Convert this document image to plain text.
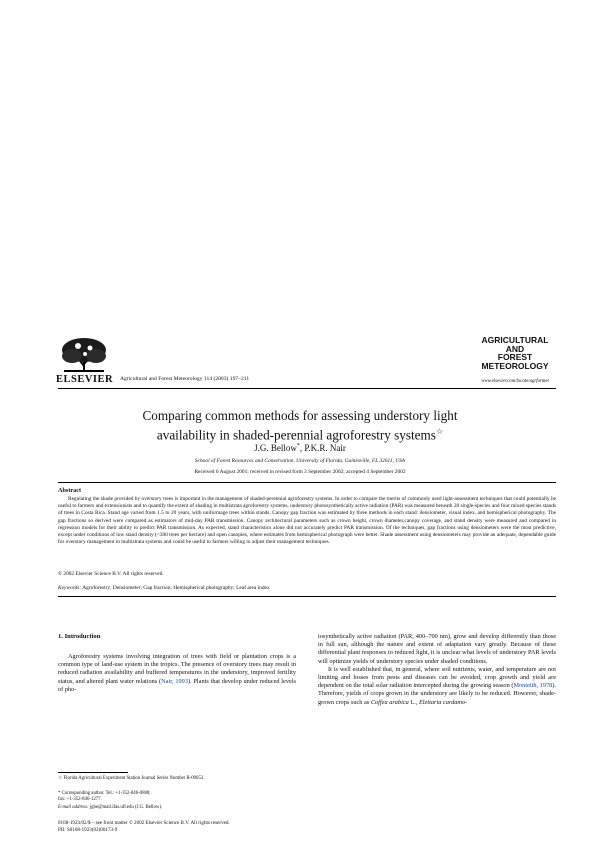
ELSEVIER Agricultural and Forest Meteorology 114 (2003) 197–211
AGRICULTURAL
AND
FOREST
METEOROLOGY
www.elsevier.com/locate/agrformet
Comparing common methods for assessing understory light
availability in shaded-perennial agroforestry systems☆
J.G. Bellow*, P.K.R. Nair
School of Forest Resources and Conservation, University of Florida, Gainesville, FL 32611, USA
Received 6 August 2001; received in revised form 3 September 2002; accepted 4 September 2002
Abstract
Regulating the shade provided by overstory trees is important in the management of shaded-perennial agroforestry systems. In order to compare the merits of commonly used light-assessment techniques that could potentially be useful to farmers and extensionists and to quantify the extent of shading in multistrata agroforestry systems, understory photosynthetically active radiation (PAR) was measured beneath 28 single-species and four mixed species stands of trees in Costa Rica. Stand age varied from 1.5 to 20 years, with uniformage trees within stands. Canopy gap fraction was estimated by three methods in each stand: densiometer, visual index, and hemispherical photography. The gap fractions so derived were compared as estimators of mid-day PAR transmission. Canopy architectural parameters such as crown height, crown diameter,canopy coverage, and stand density were measured and compared in regression models for their ability to predict PAR transmission. As expected, stand characteristics alone did not accurately predict PAR transmission. Of the techniques, gap fractions using densiometers were the most predictive, except under conditions of low stand density (<300 trees per hectare) and open canopies, where estimates from hemispherical photograph were better. Shade assessment using densiometers may provide an adequate, dependable guide for overstory management in multistrata systems and could be useful to farmers willing to adjust their management techniques.
© 2002 Elsevier Science B.V. All rights reserved.
Keywords: Agroforestry; Densiometer; Gap fraction; Hemispherical photography; Leaf area index
1. Introduction
Agroforestry systems involving integration of trees with field or plantation crops is a common type of land-use system in the tropics. The presence of overstory trees may result in reduced radiation availability and buffered temperatures in the understory, improved fertility status, and altered plant water relations (Nair, 1993). Plants that develop under reduced levels of pho-
tosynthetically active radiation (PAR, 400–700 nm), grow and develop differently than those in full sun, although the nature and extent of adaptation vary greatly. Because of these differential plant responses to reduced light, it is unclear what levels of understory PAR levels will optimize yields of understory species under shaded conditions.
It is well established that, in general, where soil nutrients, water, and temperature are not limiting and losses from pests and diseases can be avoided, crop growth and yield are dependent on the total solar radiation intercepted during the growing season (Monteith, 1978). Therefore, yields of crops grown in the understory are likely to be reduced. However, shade-grown crops such as Coffea arabica L., Elettaria cardamo-
☆ Florida Agricultural Experiment Station Journal Series Number R-09053.
* Corresponding author. Tel.: +1-352-846-0888;
fax: +1-352-846-1277.
E-mail address: jgbe@mail.ifas.ufl.edu (J.G. Bellow).
0168-1923/02/$ – see front matter © 2002 Elsevier Science B.V. All rights reserved.
PII: S0168-1923(02)00173-9
